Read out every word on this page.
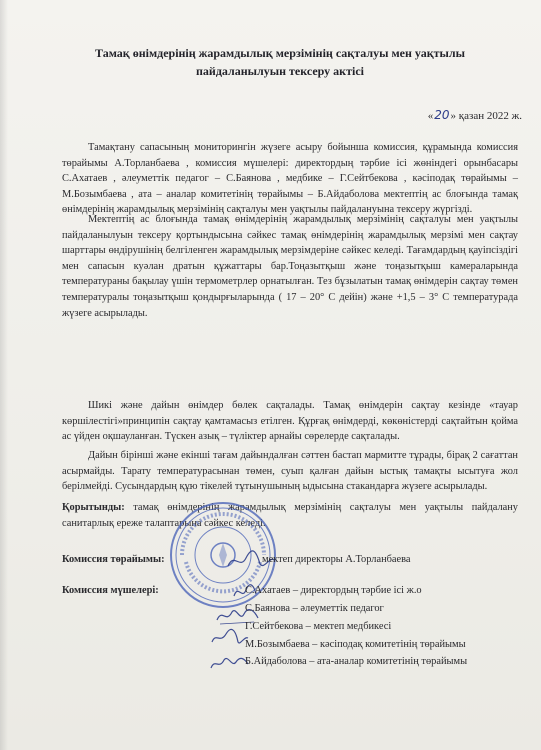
Тамақ өнімдерінің жарамдылық мерзімінің сақталуы мен уақтылы пайдаланылуын тексеру актісі
«20» қазан 2022 ж.

Тамақтану сапасының мониторингін жүзеге асыру бойынша комиссия, құрамында комиссия төрайымы А.Торланбаева , комиссия мүшелері: директордың тәрбие ісі жөніндегі орынбасары С.Ахатаев , әлеуметтік педагог – С.Баянова , медбике – Г.Сейтбекова , кәсіподақ төрайымы – М.Бозымбаева , ата – аналар комитетінің төрайымы – Б.Айдаболова мектептің ас блоғында тамақ өнімдерінің жарамдылық мерзімінің сақталуы мен уақтылы пайдалануына тексеру жүргізді.

Мектептің ас блоғында тамақ өнімдерінің жарамдылық мерзімінің сақталуы мен уақтылы пайдаланылуын тексеру қортындысына сәйкес тамақ өнімдерінің жарамдылық мерзімі мен сақтау шарттары өндірушінің белгіленген жарамдылық мерзімдеріне сәйкес келеді. Тағамдардың қауіпсіздігі мен сапасын куәлан дратын құжаттары бар.Тоңазытқыш және тоңазытқыш камераларында температураны бақылау үшін термометрлер орнатылған. Тез бұзылатын тамақ өнімдерін сақтау төмен температуралы тоңазытқыш қондырғыларында ( 17 – 20° С дейін) және +1,5 – 3° С температурада жүзеге асырылады.

Шикі және дайын өнімдер бөлек сақталады. Тамақ өнімдерін сақтау кезінде «тауар көршілестігі»принципін сақтау қамтамасыз етілген. Құрғақ өнімдерді, көкөністерді сақтайтын қойма ас үйден оқшауланған. Түскен азық – түліктер арнайы сөрелерде сақталады.

Дайын бірінші және екінші тағам дайындалған сәттен бастап мармитте тұрады, бірақ 2 сағаттан асырмайды. Тарату температурасынан төмен, суып қалған дайын ыстық тамақты ысытуға жол берілмейді. Сусындардың құю тікелей тұтынушының ыдысына стакандарға жүзеге асырылады.

Қорытынды: тамақ өнімдерінің жарамдылық мерзімінің сақталуы мен уақтылы пайдалану санитарлық ереже талаптарына сәйкес келеді.

Комиссия төрайымы:	мектеп директоры А.Торланбаева
Комиссия мүшелері:	С.Ахатаев – директордың тәрбие ісі ж.о
С.Баянова – әлеуметтік педагог
Г.Сейтбекова – мектеп медбикесі
М.Бозымбаева – кәсіподақ комитетінің төрайымы
Б.Айдаболова – ата-аналар комитетінің төрайымы
